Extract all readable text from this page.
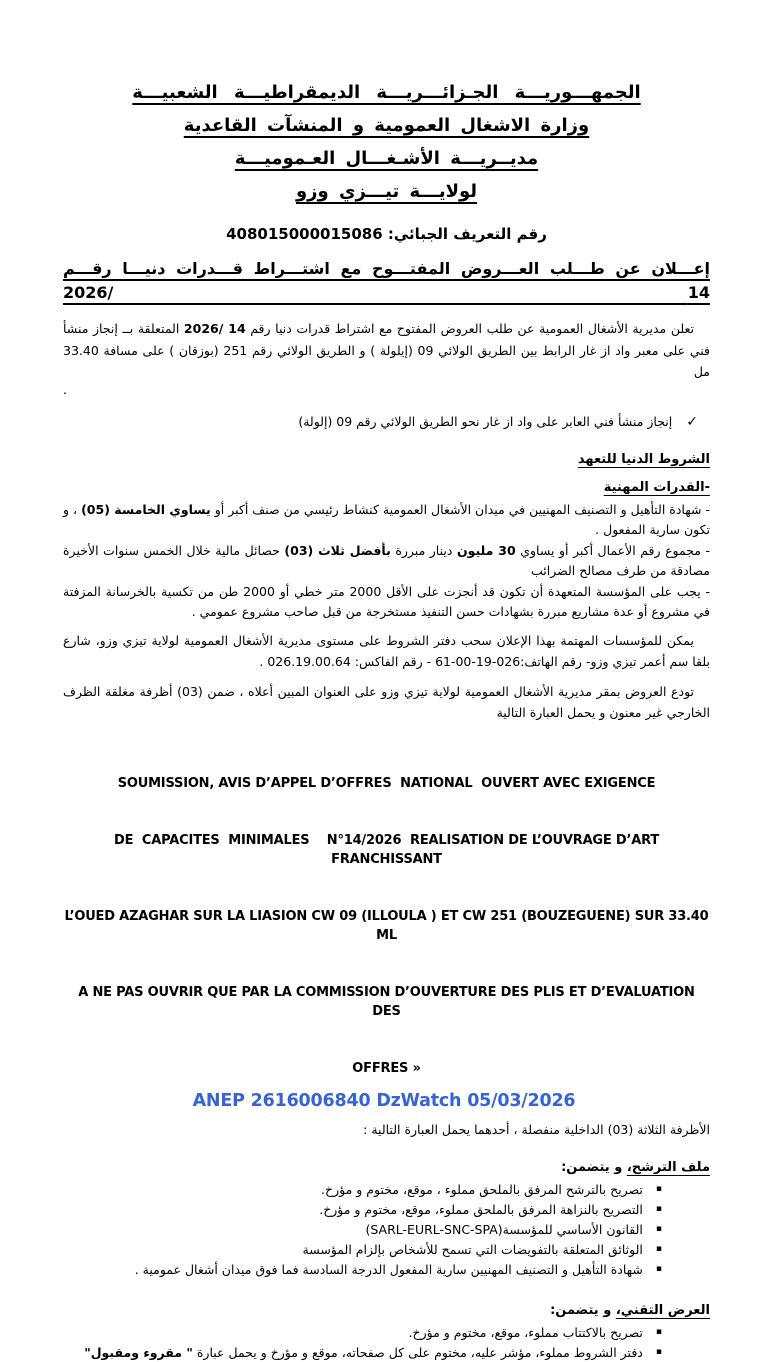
الجمهـــوريـــة الجـزائـــريـــة الديمقراطيـــة الشعبيـــة
وزارة الاشغال العمومية و المنشآت القاعدية
مديــريـــة الأشـغـــال العـموميـــة
لولايـــة تيـــزي وزو
رقم التعريف الجبائي: 408015000015086
إعـــلان عن طـــلب العـــروض المفتـــوح مع اشتـــراط قـــدرات دنيـــا رقـــم 14 /2026
تعلن مديرية الأشغال العمومية عن طلب العروض المفتوح مع اشتراط قدرات دنيا رقم 14 /2026 المتعلقة بــ إنجاز منشأ فني على معبر واد از غار الرابط بين الطريق الولائي 09 (إيلولة ) و الطريق الولائي رقم 251 (بوزقان ) على مسافة 33.40 مل
.
✓
إنجاز منشأ فني العابر على واد از غار نحو الطريق الولائي رقم 09 (إلولة)
الشروط الدنيا للتعهد
-القدرات المهنية
- شهادة التأهيل و التصنيف المهنيين في ميدان الأشغال العمومية كنشاط رئيسي من صنف أكبر أو يساوي الخامسة (05) ، و تكون سارية المفعول .
- مجموع رقم الأعمال أكبر أو يساوي 30 مليون دينار مبررة بأفضل ثلاث (03) حصائل مالية خلال الخمس سنوات الأخيرة مصادقة من طرف مصالح الضرائب
- يجب على المؤسسة المتعهدة أن تكون قد أنجزت على الأقل 2000 متر خطي أو 2000 طن من تكسية بالخرسانة المزفتة في مشروع أو عدة مشاريع مبررة بشهادات حسن التنفيذ مستخرجة من قبل صاحب مشروع عمومي .
يمكن للمؤسسات المهتمة بهذا الإعلان سحب دفتر الشروط على مستوى مديرية الأشغال العمومية لولاية تيزي وزو، شارع بلقا سم أعمر تيزي وزو- رقم الهاتف:026-19-00-61 - رقم الفاكس: 026.19.00.64 .
تودع العروض بمقر مديرية الأشغال العمومية لولاية تيزي وزو على العنوان المبين أعلاه ، ضمن (03) أظرفة مغلقة الظرف الخارجي غير معنون و يحمل العبارة التالية

SOUMISSION, AVIS D’APPEL D’OFFRES  NATIONAL  OUVERT AVEC EXIGENCE

DE  CAPACITES  MINIMALES    N°14/2026  REALISATION DE L’OUVRAGE D’ART FRANCHISSANT

L’OUED AZAGHAR SUR LA LIASION CW 09 (ILLOULA ) ET CW 251 (BOUZEGUENE) SUR 33.40 ML

A NE PAS OUVRIR QUE PAR LA COMMISSION D’OUVERTURE DES PLIS ET D’EVALUATION DES

OFFRES »

الأظرفة الثلاثة (03) الداخلية منفصلة ، أحدهما يحمل العبارة التالية :
ملف الترشح، و يتضمن:
▪
تصريح بالترشح المرفق بالملحق مملوء ، موقع، مختوم و مؤرخ.
▪
التصريح بالنزاهة المرفق بالملحق مملوء، موقع، مختوم و مؤرخ.
▪
القانون الأساسي للمؤسسة(SARL-EURL-SNC-SPA)
▪
الوثائق المتعلقة بالتفويضات التي تسمح للأشخاص بإلزام المؤسسة
▪
شهادة التأهيل و التصنيف المهنيين سارية المفعول الدرجة السادسة فما فوق ميدان أشغال عمومية .
العرض التقني، و يتضمن:
▪
تصريح بالاكتتاب مملوء، موقع، مختوم و مؤرخ.
▪
دفتر الشروط مملوء، مؤشر عليه، مختوم على كل صفحاته، موقع و مؤرخ و يحمل عبارة " مقروء ومقبول"
ANEP 2616006840 DzWatch 05/03/2026
